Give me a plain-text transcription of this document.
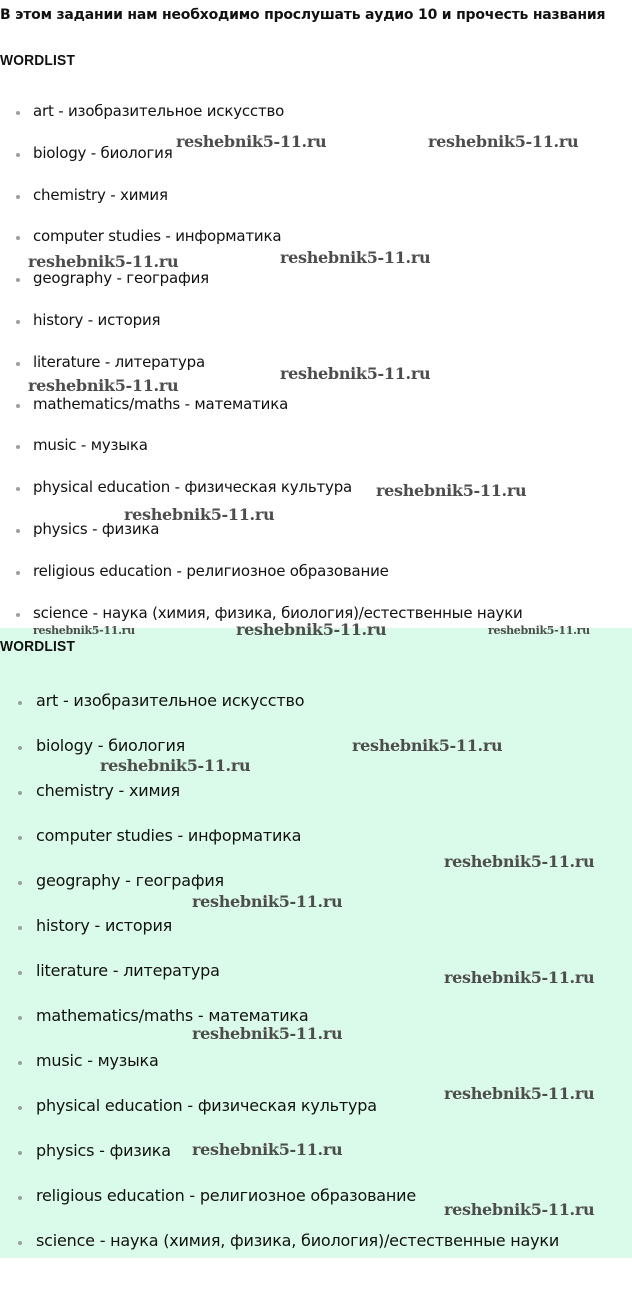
В этом задании нам необходимо прослушать аудио 10 и прочесть названия
WORDLIST
art - изобразительное искусство
biology - биология
chemistry - химия
computer studies - информатика
geography - география
history - история
literature - литература
mathematics/maths - математика
music - музыка
physical education - физическая культура
physics - физика
religious education - религиозное образование
science - наука (химия, физика, биология)/естественные науки
WORDLIST
art - изобразительное искусство
biology - биология
chemistry - химия
computer studies - информатика
geography - география
history - история
literature - литература
mathematics/maths - математика
music - музыка
physical education - физическая культура
physics - физика
religious education - религиозное образование
science - наука (химия, физика, биология)/естественные науки
reshebnik5-11.ru	reshebnik5-11.ru
reshebnik5-11.ru	reshebnik5-11.ru
reshebnik5-11.ru
reshebnik5-11.ru
reshebnik5-11.ru
reshebnik5-11.ru
reshebnik5-11.ru	reshebnik5-11.ru	reshebnik5-11.ru
reshebnik5-11.ru
reshebnik5-11.ru
reshebnik5-11.ru
reshebnik5-11.ru
reshebnik5-11.ru
reshebnik5-11.ru
reshebnik5-11.ru
reshebnik5-11.ru
reshebnik5-11.ru
